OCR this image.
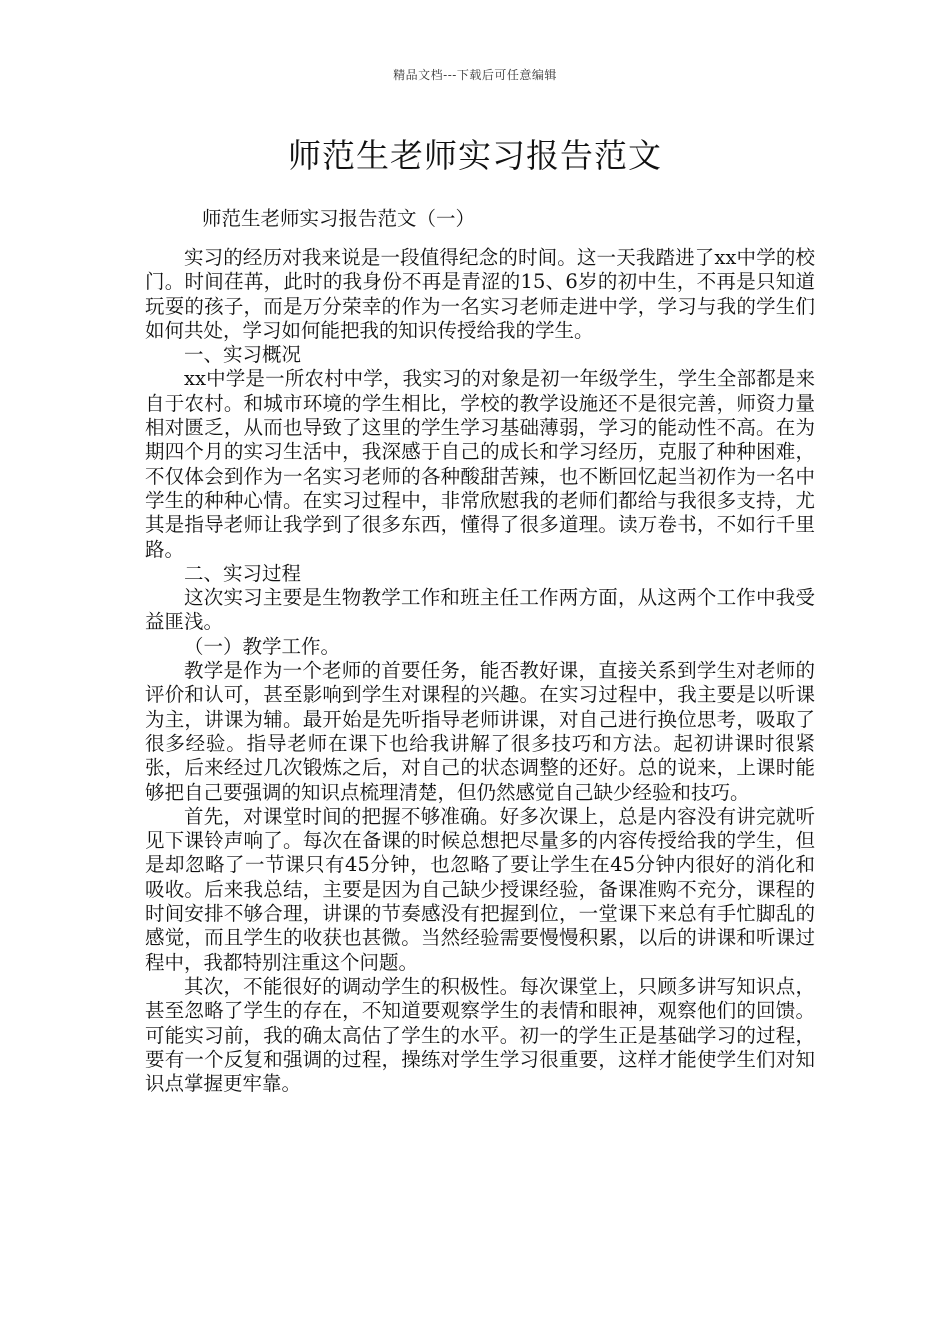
精品文档---下载后可任意编辑
师范生老师实习报告范文
师范生老师实习报告范文（一）

实习的经历对我来说是一段值得纪念的时间。这一天我踏进了xx中学的校门。时间荏苒，此时的我身份不再是青涩的15、6岁的初中生，不再是只知道玩耍的孩子，而是万分荣幸的作为一名实习老师走进中学，学习与我的学生们如何共处，学习如何能把我的知识传授给我的学生。

一、实习概况

xx中学是一所农村中学，我实习的对象是初一年级学生，学生全部都是来自于农村。和城市环境的学生相比，学校的教学设施还不是很完善，师资力量相对匮乏，从而也导致了这里的学生学习基础薄弱，学习的能动性不高。在为期四个月的实习生活中，我深感于自己的成长和学习经历，克服了种种困难，不仅体会到作为一名实习老师的各种酸甜苦辣，也不断回忆起当初作为一名中学生的种种心情。在实习过程中，非常欣慰我的老师们都给与我很多支持，尤其是指导老师让我学到了很多东西，懂得了很多道理。读万卷书，不如行千里路。

二、实习过程

这次实习主要是生物教学工作和班主任工作两方面，从这两个工作中我受益匪浅。

（一）教学工作。

教学是作为一个老师的首要任务，能否教好课，直接关系到学生对老师的评价和认可，甚至影响到学生对课程的兴趣。在实习过程中，我主要是以听课为主，讲课为辅。最开始是先听指导老师讲课，对自己进行换位思考，吸取了很多经验。指导老师在课下也给我讲解了很多技巧和方法。起初讲课时很紧张，后来经过几次锻炼之后，对自己的状态调整的还好。总的说来，上课时能够把自己要强调的知识点梳理清楚，但仍然感觉自己缺少经验和技巧。

首先，对课堂时间的把握不够准确。好多次课上，总是内容没有讲完就听见下课铃声响了。每次在备课的时候总想把尽量多的内容传授给我的学生，但是却忽略了一节课只有45分钟，也忽略了要让学生在45分钟内很好的消化和吸收。后来我总结，主要是因为自己缺少授课经验，备课准购不充分，课程的时间安排不够合理，讲课的节奏感没有把握到位，一堂课下来总有手忙脚乱的感觉，而且学生的收获也甚微。当然经验需要慢慢积累，以后的讲课和听课过程中，我都特别注重这个问题。

其次，不能很好的调动学生的积极性。每次课堂上，只顾多讲写知识点，甚至忽略了学生的存在，不知道要观察学生的表情和眼神，观察他们的回馈。可能实习前，我的确太高估了学生的水平。初一的学生正是基础学习的过程，要有一个反复和强调的过程，操练对学生学习很重要，这样才能使学生们对知识点掌握更牢靠。
